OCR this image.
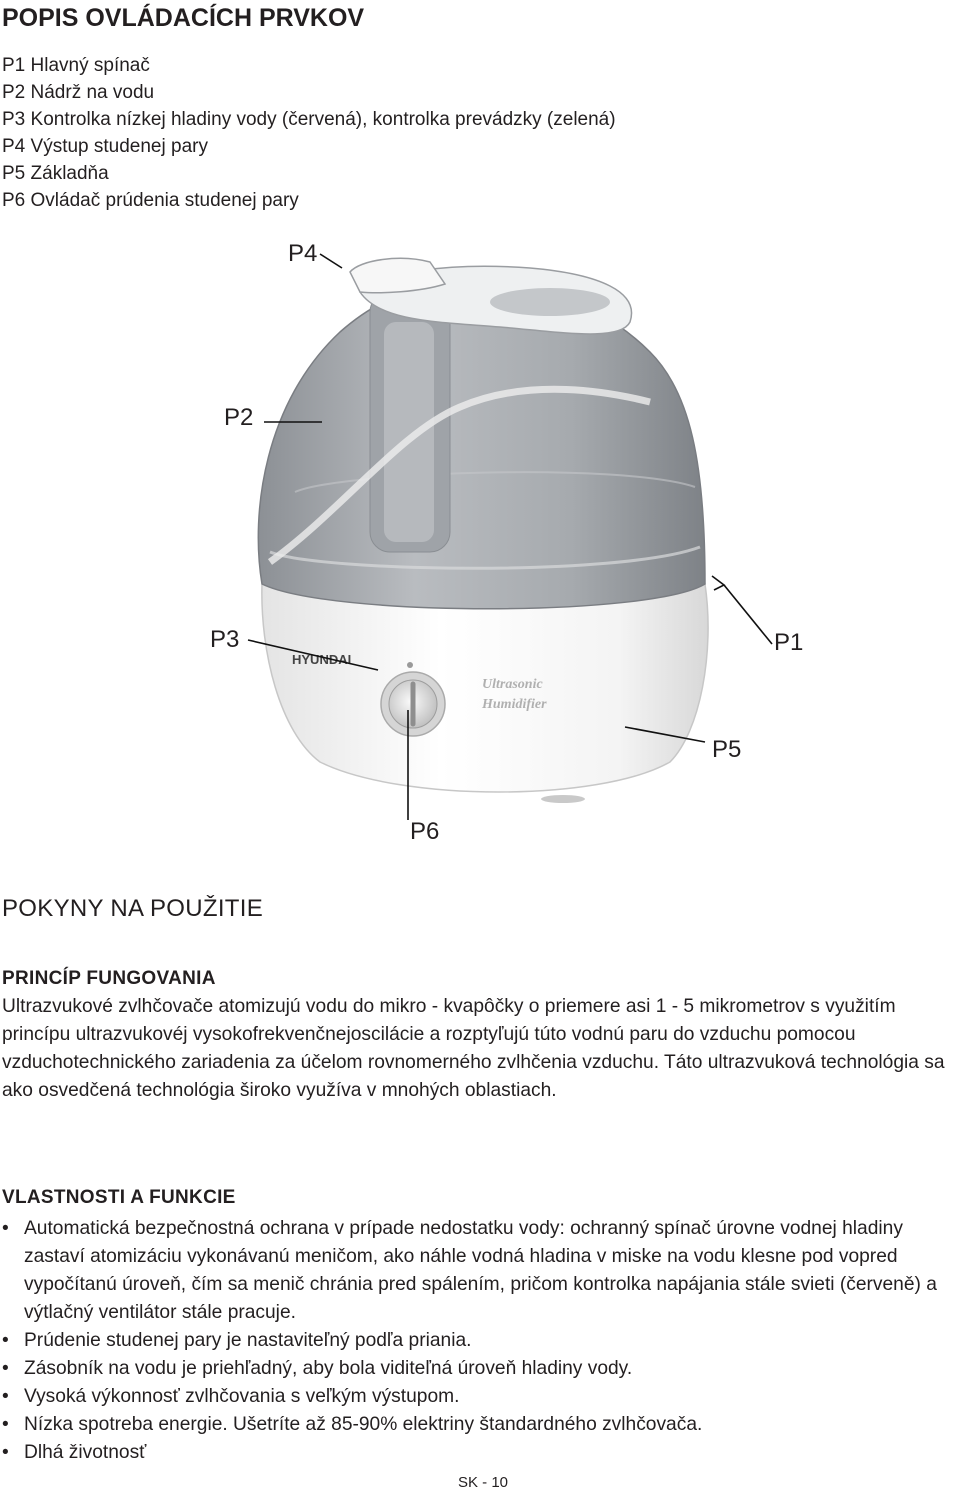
POPIS OVLÁDACÍCH PRVKOV
P1 Hlavný spínač
P2 Nádrž na vodu
P3 Kontrolka nízkej hladiny vody (červená), kontrolka prevádzky (zelená)
P4 Výstup studenej pary
P5 Základňa
P6 Ovládač prúdenia studenej pary
HYUNDAI
Ultrasonic
Humidifier
P4
P2
P3	P1
P5
P6
POKYNY NA POUŽITIE
PRINCÍP FUNGOVANIA

Ultrazvukové zvlhčovače atomizujú vodu do mikro - kvapôčky o priemere asi 1 - 5 mikrometrov s využitím princípu ultrazvukovéj vysokofrekvenčnejoscilácie a rozptyľujú túto vodnú paru do vzduchu pomocou vzduchotechnického zariadenia za účelom rovnomerného zvlhčenia vzduchu. Táto ultrazvuková technológia sa ako osvedčená technológia široko využíva v mnohých oblastiach.

VLASTNOSTI A FUNKCIE
• Automatická bezpečnostná ochrana v prípade nedostatku vody: ochranný spínač úrovne vodnej hladiny zastaví atomizáciu vykonávanú meničom, ako náhle vodná hladina v miske na vodu klesne pod vopred vypočítanú úroveň, čím sa menič chránia pred spálením, pričom kontrolka napájania stále svieti (červeně) a výtlačný ventilátor stále pracuje.
• Prúdenie studenej pary je nastaviteľný podľa priania.
• Zásobník na vodu je priehľadný, aby bola viditeľná úroveň hladiny vody.
• Vysoká výkonnosť zvlhčovania s veľkým výstupom.
• Nízka spotreba energie. Ušetríte až 85-90% elektriny štandardného zvlhčovača.
• Dlhá životnosť
SK - 10
